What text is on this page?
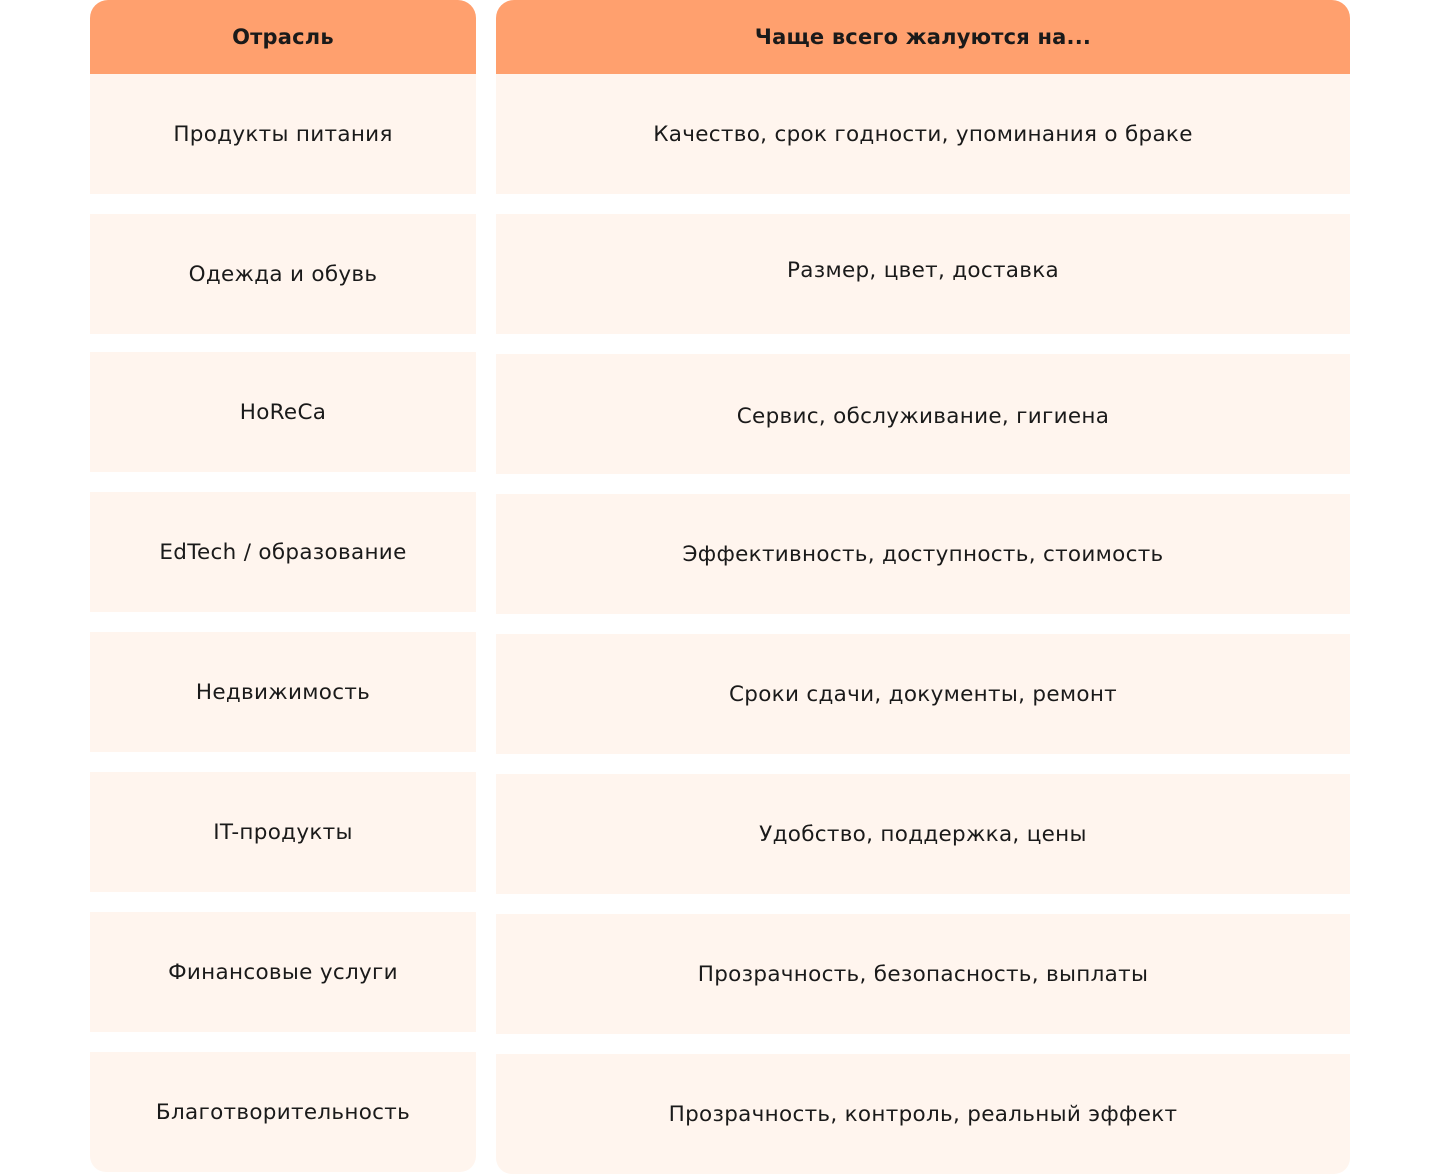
Отрасль
Продукты питания
Одежда и обувь
HoReCa
EdTech / образование
Недвижимость
IT-продукты
Финансовые услуги
Благотворительность
Чаще всего жалуются на...
Качество, срок годности, упоминания о браке
Размер, цвет, доставка
Сервис, обслуживание, гигиена
Эффективность, доступность, стоимость
Сроки сдачи, документы, ремонт
Удобство, поддержка, цены
Прозрачность, безопасность, выплаты
Прозрачность, контроль, реальный эффект
